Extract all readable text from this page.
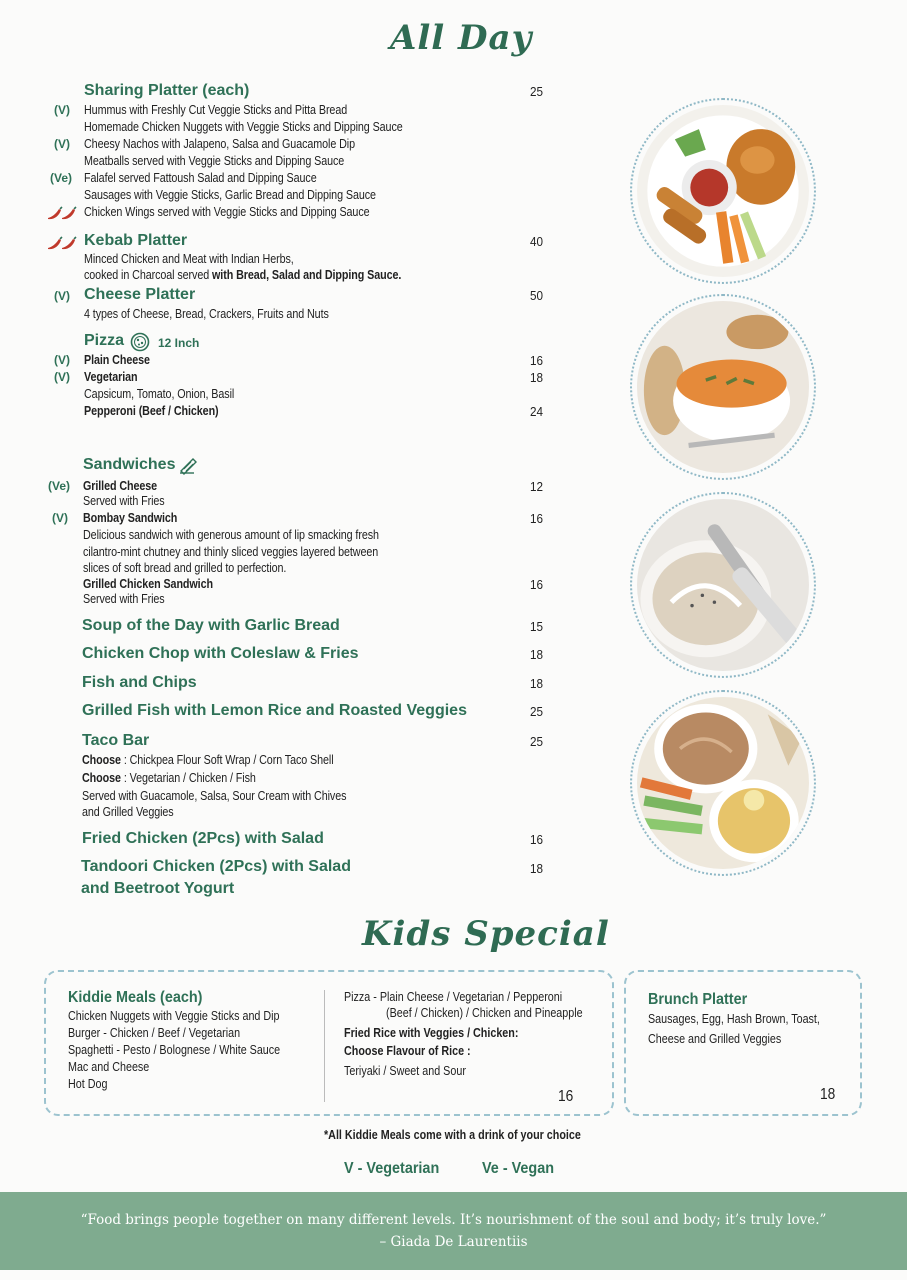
All Day
Sharing Platter (each)	25
(V) Hummus with Freshly Cut Veggie Sticks and Pitta Bread
Homemade Chicken Nuggets with Veggie Sticks and Dipping Sauce
(V) Cheesy Nachos with Jalapeno, Salsa and Guacamole Dip
Meatballs served with Veggie Sticks and Dipping Sauce
(Ve) Falafel served Fattoush Salad and Dipping Sauce
Sausages with Veggie Sticks, Garlic Bread and Dipping Sauce
Chicken Wings served with Veggie Sticks and Dipping Sauce
Kebab Platter	40
Minced Chicken and Meat with Indian Herbs,
cooked in Charcoal served with Bread, Salad and Dipping Sauce.
(V) Cheese Platter	50
4 types of Cheese, Bread, Crackers, Fruits and Nuts
Pizza	12 Inch
(V) Plain Cheese	16
(V) Vegetarian	18
Capsicum, Tomato, Onion, Basil
Pepperoni (Beef / Chicken)	24
Sandwiches
(Ve) Grilled Cheese	12
Served with Fries
(V) Bombay Sandwich	16
Delicious sandwich with generous amount of lip smacking fresh
cilantro-mint chutney and thinly sliced veggies layered between
slices of soft bread and grilled to perfection.
Grilled Chicken Sandwich	16
Served with Fries
Soup of the Day with Garlic Bread	15
Chicken Chop with Coleslaw & Fries	18
Fish and Chips	18
Grilled Fish with Lemon Rice and Roasted Veggies	25
Taco Bar	25
Choose : Chickpea Flour Soft Wrap / Corn Taco Shell
Choose : Vegetarian / Chicken / Fish
Served with Guacamole, Salsa, Sour Cream with Chives
and Grilled Veggies
Fried Chicken (2Pcs) with Salad	16
Tandoori Chicken (2Pcs) with Salad	18
and Beetroot Yogurt
Kids Special
Kiddie Meals (each)
Chicken Nuggets with Veggie Sticks and Dip
Burger - Chicken / Beef / Vegetarian
Spaghetti - Pesto / Bolognese / White Sauce
Mac and Cheese
Hot Dog
Pizza - Plain Cheese / Vegetarian / Pepperoni
(Beef / Chicken) / Chicken and Pineapple
Fried Rice with Veggies / Chicken:
Choose Flavour of Rice :
Teriyaki / Sweet and Sour
16
Brunch Platter
Sausages, Egg, Hash Brown, Toast,
Cheese and Grilled Veggies
18
*All Kiddie Meals come with a drink of your choice
V - Vegetarian	Ve - Vegan
“Food brings people together on many different levels. It’s nourishment of the soul and body; it’s truly love.”
– Giada De Laurentiis
